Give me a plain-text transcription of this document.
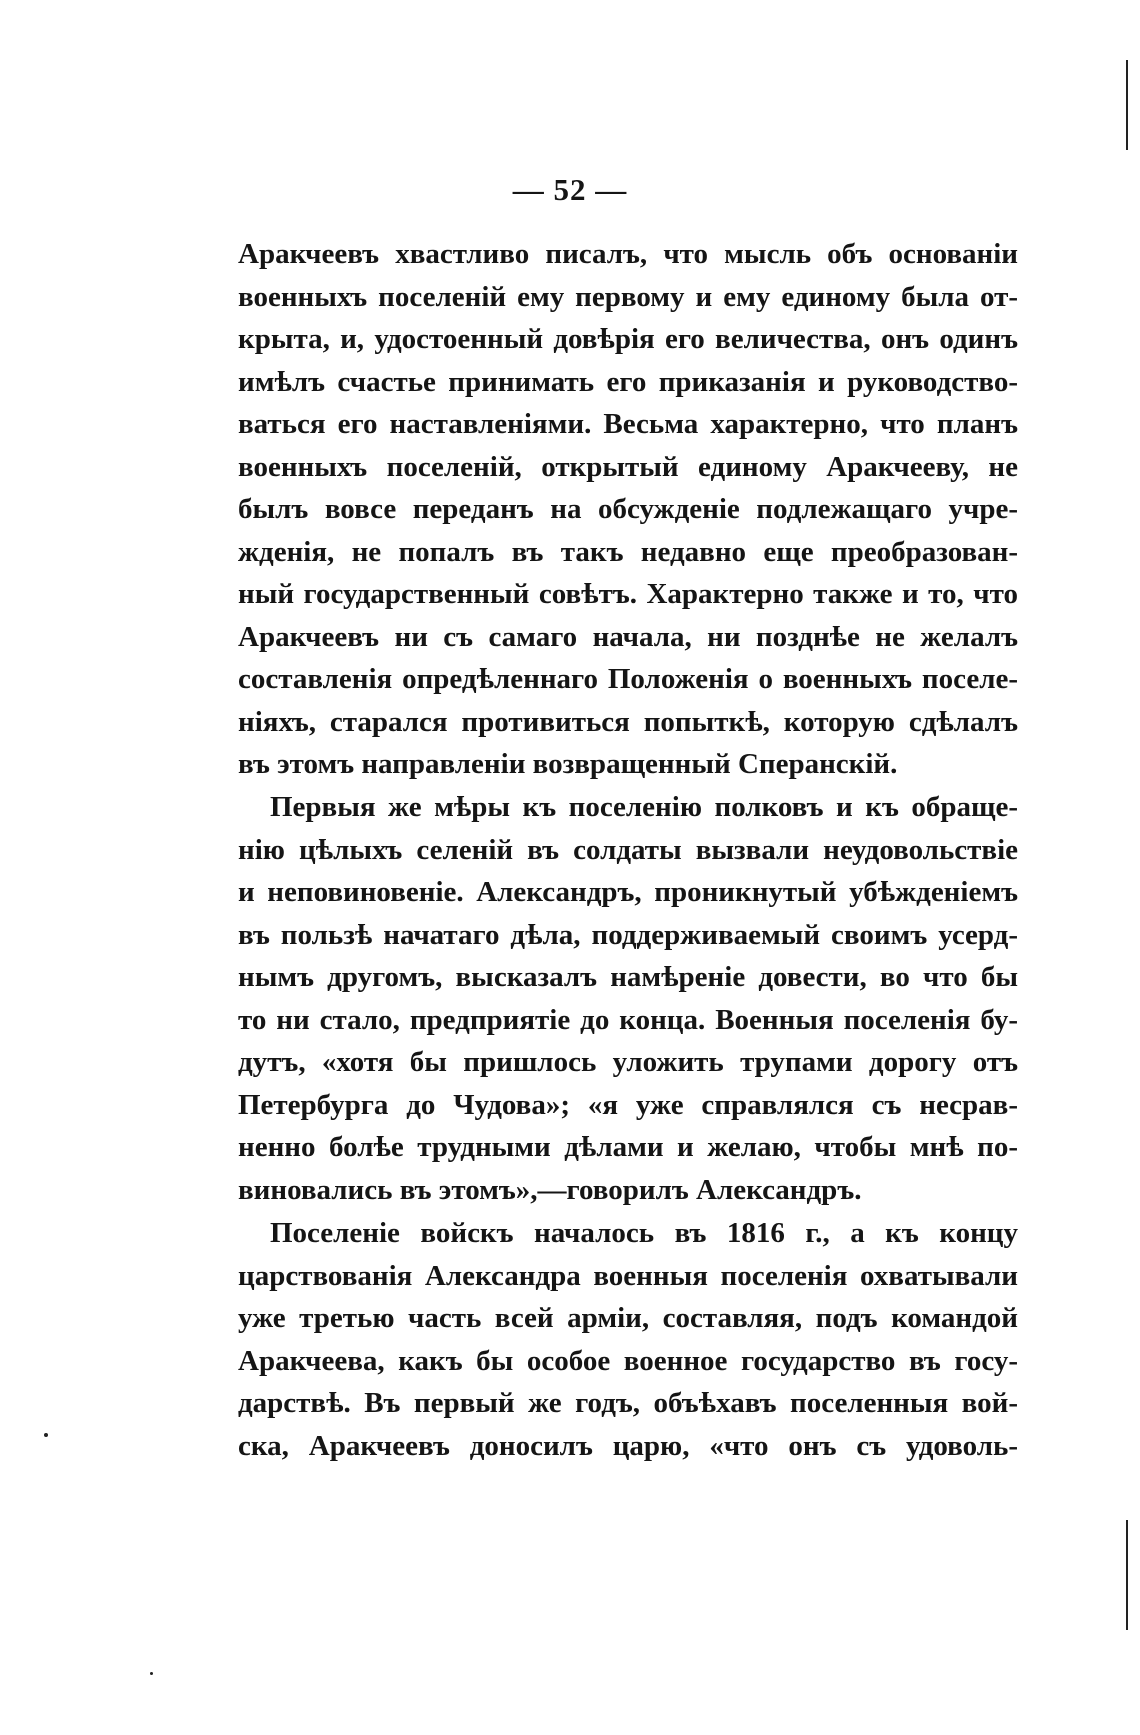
— 52 —
Аракчеевъ хвастливо писалъ, что мысль объ основанiи
военныхъ поселенiй ему первому и ему единому была от-
крыта, и, удостоенный довѣрiя его величества, онъ одинъ
имѣлъ счастье принимать его приказанiя и руководство-
ваться его наставленiями. Весьма характерно, что планъ
военныхъ поселенiй, открытый единому Аракчееву, не
былъ вовсе переданъ на обсужденiе подлежащаго учре-
жденiя, не попалъ въ такъ недавно еще преобразован-
ный государственный совѣтъ. Характерно также и то, что
Аракчеевъ ни съ самаго начала, ни позднѣе не желалъ
составленiя опредѣленнаго Положенiя о военныхъ поселе-
нiяхъ, старался противиться попыткѣ, которую сдѣлалъ
въ этомъ направленiи возвращенный Сперанскiй.
Первыя же мѣры къ поселенiю полковъ и къ обраще-
нiю цѣлыхъ селенiй въ солдаты вызвали неудовольствiе
и неповиновенiе. Александръ, проникнутый убѣжденiемъ
въ пользѣ начатаго дѣла, поддерживаемый своимъ усерд-
нымъ другомъ, высказалъ намѣренiе довести, во что бы
то ни стало, предприятiе до конца. Военныя поселенiя бу-
дутъ, «хотя бы пришлось уложить трупами дорогу отъ
Петербурга до Чудова»; «я уже справлялся съ несрав-
ненно болѣе трудными дѣлами и желаю, чтобы мнѣ по-
виновались въ этомъ»,—говорилъ Александръ.
Поселенiе войскъ началось въ 1816 г., а къ концу
царствованiя Александра военныя поселенiя охватывали
уже третью часть всей армiи, составляя, подъ командой
Аракчеева, какъ бы особое военное государство въ госу-
дарствѣ. Въ первый же годъ, объѣхавъ поселенныя вой-
ска, Аракчеевъ доносилъ царю, «что онъ съ удоволь-
